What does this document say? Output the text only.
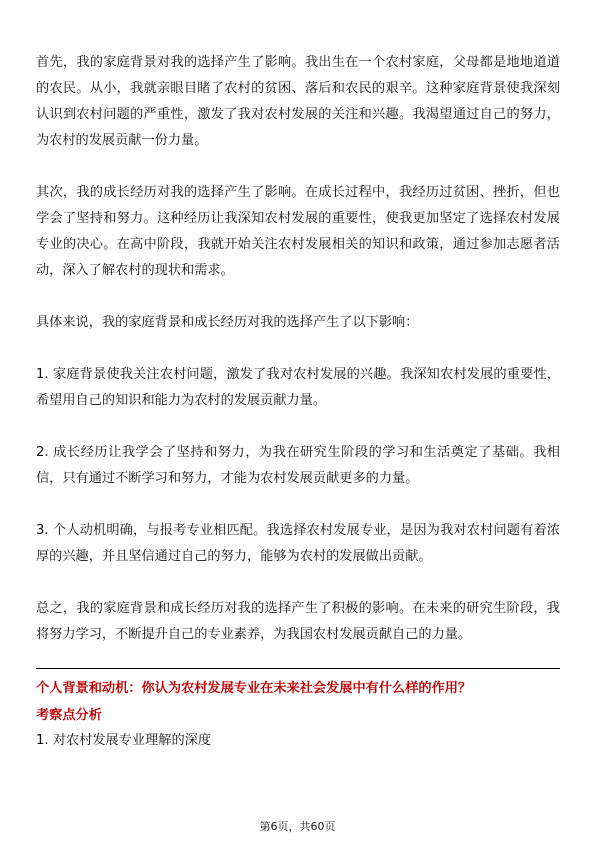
首先，我的家庭背景对我的选择产生了影响。我出生在一个农村家庭，父母都是地地道道的农民。从小，我就亲眼目睹了农村的贫困、落后和农民的艰辛。这种家庭背景使我深刻认识到农村问题的严重性，激发了我对农村发展的关注和兴趣。我渴望通过自己的努力，为农村的发展贡献一份力量。

其次，我的成长经历对我的选择产生了影响。在成长过程中，我经历过贫困、挫折，但也学会了坚持和努力。这种经历让我深知农村发展的重要性，使我更加坚定了选择农村发展专业的决心。在高中阶段，我就开始关注农村发展相关的知识和政策，通过参加志愿者活动，深入了解农村的现状和需求。

具体来说，我的家庭背景和成长经历对我的选择产生了以下影响：

1. 家庭背景使我关注农村问题，激发了我对农村发展的兴趣。我深知农村发展的重要性，希望用自己的知识和能力为农村的发展贡献力量。

2. 成长经历让我学会了坚持和努力，为我在研究生阶段的学习和生活奠定了基础。我相信，只有通过不断学习和努力，才能为农村发展贡献更多的力量。

3. 个人动机明确，与报考专业相匹配。我选择农村发展专业，是因为我对农村问题有着浓厚的兴趣，并且坚信通过自己的努力，能够为农村的发展做出贡献。

总之，我的家庭背景和成长经历对我的选择产生了积极的影响。在未来的研究生阶段，我将努力学习，不断提升自己的专业素养，为我国农村发展贡献自己的力量。

个人背景和动机：你认为农村发展专业在未来社会发展中有什么样的作用？

考察点分析

1. 对农村发展专业理解的深度

第6页，共60页
